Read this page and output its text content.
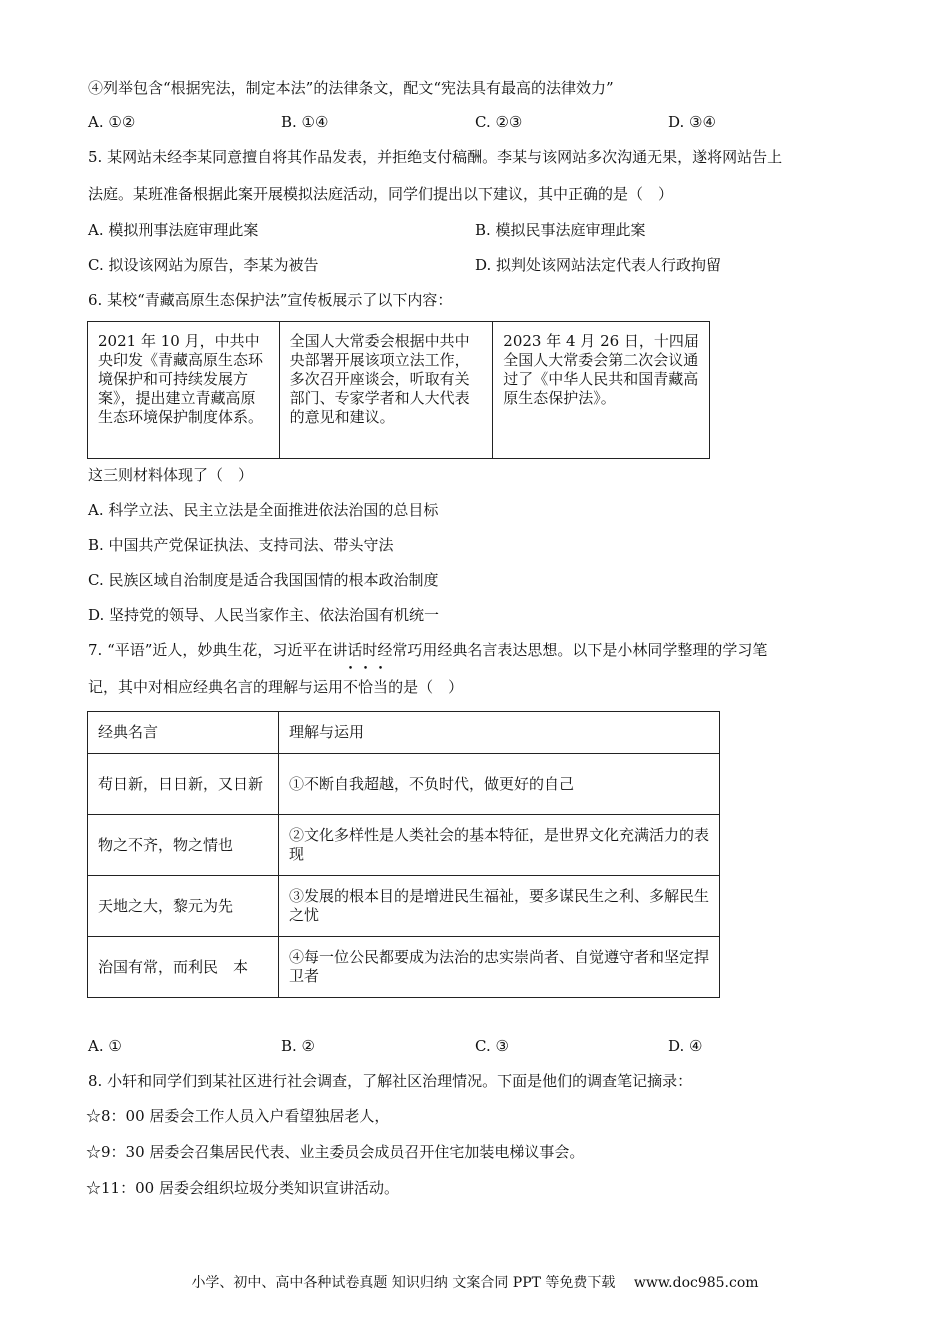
④列举包含“根据宪法，制定本法”的法律条文，配文“宪法具有最高的法律效力”
A. ①②	B. ①④	C. ②③	D. ③④
5. 某网站未经李某同意擅自将其作品发表，并拒绝支付稿酬。李某与该网站多次沟通无果，遂将网站告上
法庭。某班准备根据此案开展模拟法庭活动，同学们提出以下建议，其中正确的是（　）
A. 模拟刑事法庭审理此案	B. 模拟民事法庭审理此案
C. 拟设该网站为原告，李某为被告	D. 拟判处该网站法定代表人行政拘留
6. 某校“青藏高原生态保护法”宣传板展示了以下内容：
2021 年 10 月，中共中央印发《青藏高原生态环境保护和可持续发展方案》，提出建立青藏高原生态环境保护制度体系。	全国人大常委会根据中共中央部署开展该项立法工作，多次召开座谈会，听取有关部门、专家学者和人大代表的意见和建议。	2023 年 4 月 26 日，十四届全国人大常委会第二次会议通过了《中华人民共和国青藏高原生态保护法》。
这三则材料体现了（　）
A. 科学立法、民主立法是全面推进依法治国的总目标
B. 中国共产党保证执法、支持司法、带头守法
C. 民族区域自治制度是适合我国国情的根本政治制度
D. 坚持党的领导、人民当家作主、依法治国有机统一
7. “平语”近人，妙典生花，习近平在讲话时经常巧用经典名言表达思想。以下是小林同学整理的学习笔
记，其中对相应经典名言的理解与运用不恰当的是（　）
经典名言	理解与运用
苟日新，日日新，又日新	①不断自我超越，不负时代，做更好的自己
物之不齐，物之情也	②文化多样性是人类社会的基本特征，是世界文化充满活力的表现
天地之大，黎元为先	③发展的根本目的是增进民生福祉，要多谋民生之利、多解民生之忧
治国有常，而利民　本	④每一位公民都要成为法治的忠实崇尚者、自觉遵守者和坚定捍卫者
A. ①	B. ②	C. ③	D. ④
8. 小轩和同学们到某社区进行社会调查，了解社区治理情况。下面是他们的调查笔记摘录：
☆8：00 居委会工作人员入户看望独居老人，
☆9：30 居委会召集居民代表、业主委员会成员召开住宅加装电梯议事会。
☆11：00 居委会组织垃圾分类知识宣讲活动。
小学、初中、高中各种试卷真题 知识归纳 文案合同 PPT 等免费下载　 www.doc985.com
